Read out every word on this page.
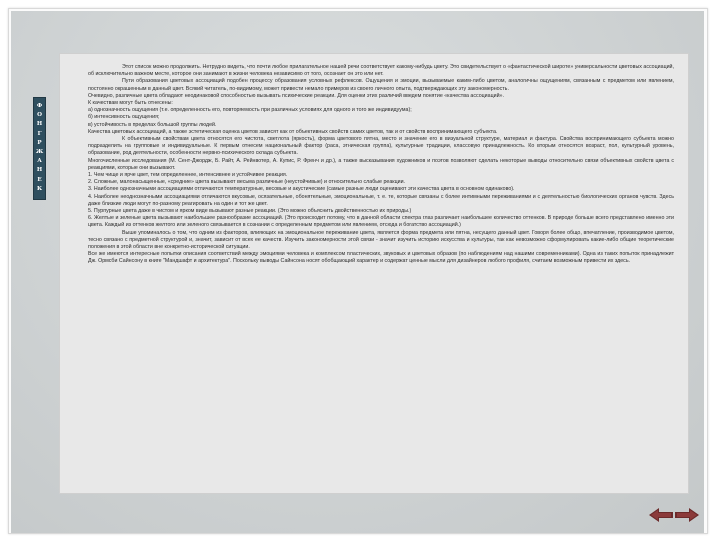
Ф
О
Н
Г
Р
Ж
А
Н
Е
К

Этот список можно продолжить. Нетрудно видеть, что почти любое прилагательное нашей речи соответствует какому-нибудь цвету. Это свидетельствует о «фантастической широте» универсальности цветовых ассоциаций, об исключительно важном месте, которое они занимают в жизни человека независимо от того, осознает он это или нет.

Пути образования цветовых ассоциаций подобен процессу образования условных рефлексов. Ощущения и эмоции, вызываемые каким-либо цветом, аналогичны ощущениям, связанным с предметом или явлением, постоянно окрашенным в данный цвет. Всякий читатель, по-видимому, может привести немало примеров из своего личного опыта, подтверждающих эту закономерность.

Очевидно, различные цвета обладают неодинаковой способностью вызывать психические реакции. Для оценки этих различий введем понятие «качества ассоциаций».

К качествам могут быть отнесены:

а) однозначность ощущения (т.е. определенность его, повторяемость при различных условиях для одного и того же индивидуума);

б) интенсивность ощущения;

в) устойчивость в пределах большой группы людей.

Качества цветовых ассоциаций, а также эстетическая оценка цветов зависят как от объективных свойств самих цветов, так и от свойств воспринимающего субъекта.

К объективным свойствам цвета относятся его чистота, светлота (яркость), форма цветового пятна, место и значение его в визуальной структуре, материал и фактура. Свойства воспринимающего субъекта можно подразделить на групповые и индивидуальные. К первым отнесем национальный фактор (раса, этническая группа), культурные традиции, классовую принадлежность. Ко вторым относятся возраст, пол, культурный уровень, образование, род деятельности, особенности нервно-психического склада субъекта.

Многочисленные исследования (М. Сент-Джордж, Б. Райт, А. Рейнвотер, А. Купис, Р. Френч и др.), а также высказывания художников и поэтов позволяют сделать некоторые выводы относительно связи объективных свойств цвета с реакциями, которые они вызывают.

1. Чем чище и ярче цвет, тем определеннее, интенсивнее и устойчивее реакция.

2. Сложные, малонасыщенные, «средние» цвета вызывают весьма различные (неустойчивые) и относительно слабые реакции.

3. Наиболее однозначными ассоциациями отличаются температурные, весовые и акустические (самые разные люди оценивают эти качества цвета в основном одинаково).

4. Наиболее неоднозначными ассоциациями отличаются вкусовые, осязательные, обонятельные, эмоциональные, т. е. те, которые связаны с более интимными переживаниями и с деятельностью биологических органов чувств. Здесь даже близкие люди могут по-разному реагировать на один и тот же цвет.

5. Пурпурные цвета даже в чистом и ярком виде вызывают разные реакции. (Это можно объяснить двойственностью их природы.)

6. Желтые и зеленые цвета вызывают наибольшее разнообразие ассоциаций. (Это происходит потому, что в данной области спектра глаз различает наибольшее количество оттенков. В природе больше всего представлено именно эти цвета. Каждый из оттенков желтого или зеленого связывается в сознании с определенным предметом или явлением, отсюда и богатство ассоциаций.)

Выше упоминалось о том, что одним из факторов, влияющих на эмоциональное переживание цвета, является форма предмета или пятна, несущего данный цвет. Говоря более общо, впечатление, производимое цветом, тесно связано с предметной структурой и, значит, зависит от всех ее качеств. Изучить закономерности этой связи - значит изучить историю искусства и культуры, так как невозможно сформулировать какие-либо общие теоретические положения в этой области вне конкретно-исторической ситуации.

Все же имеются интересные попытки описания соответствий между эмоциями человека и комплексом пластических, звуковых и цветовых образов (по наблюдениям над нашими современниками). Одна из таких попыток принадлежит Дж. Ормсби Сайнсону в книге "Мандшафт и архитектура". Поскольку выводы Сайнсона носят обобщающий характер и содержат ценные мысли для дизайнеров любого профиля, считаем возможным привести их здесь.
